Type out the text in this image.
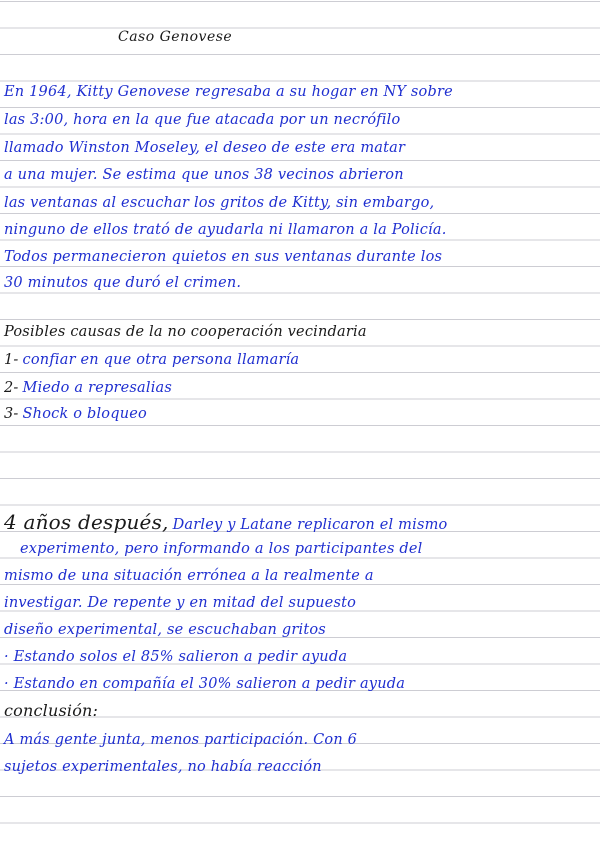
Caso Genovese
En 1964, Kitty Genovese regresaba a su hogar en NY sobre
las 3:00, hora en la que fue atacada por un necrófilo
llamado Winston Moseley, el deseo de este era matar
a una mujer. Se estima que unos 38 vecinos abrieron
las ventanas al escuchar los gritos de Kitty, sin embargo,
ninguno de ellos trató de ayudarla ni llamaron a la Policía.
Todos permanecieron quietos en sus ventanas durante los
30 minutos que duró el crimen.
Posibles causas de la no cooperación vecindaria
1- confiar en que otra persona llamaría
2- Miedo a represalias
3- Shock o bloqueo
4 años después, Darley y Latane replicaron el mismo
experimento, pero informando a los participantes del
mismo de una situación errónea a la realmente a
investigar. De repente y en mitad del supuesto
diseño experimental, se escuchaban gritos
· Estando solos el 85% salieron a pedir ayuda
· Estando en compañía el 30% salieron a pedir ayuda
conclusión:
A más gente junta, menos participación. Con 6
sujetos experimentales, no había reacción
